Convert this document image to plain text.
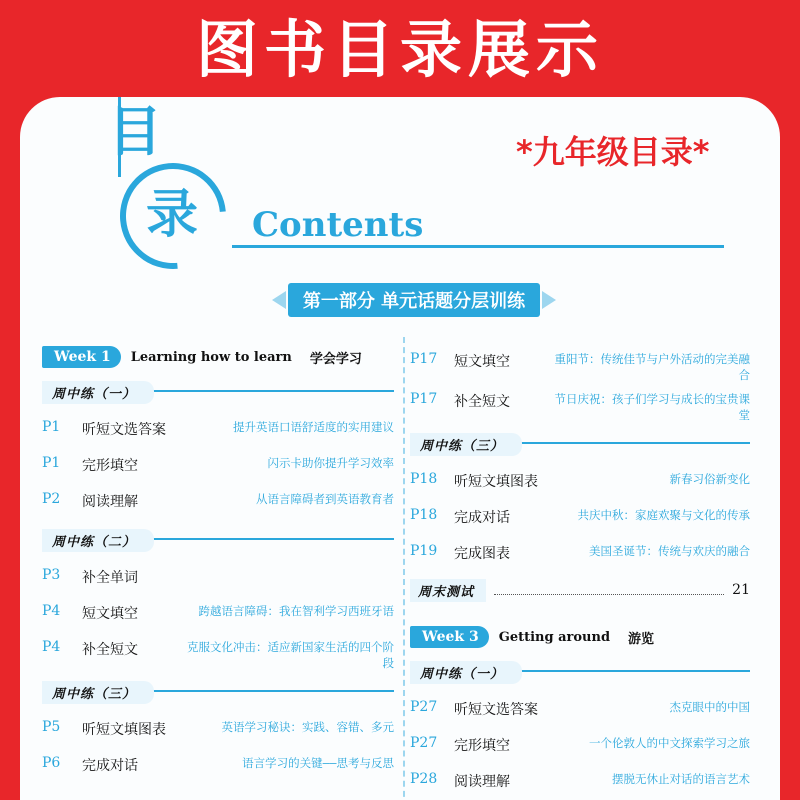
图书目录展示
目
录 Contents
*九年级目录*
第一部分 单元话题分层训练
Week 1	Learning how to learn 学会学习
周中练（一）
P1	听短文选答案	提升英语口语舒适度的实用建议
P1	完形填空	闪示卡助你提升学习效率
P2	阅读理解	从语言障碍者到英语教育者
周中练（二）
P3	补全单词
P4	短文填空	跨越语言障碍：我在智利学习西班牙语
P4	补全短文	克服文化冲击：适应新国家生活的四个阶段
周中练（三）
P5	听短文填图表	英语学习秘诀：实践、容错、多元
P6	完成对话	语言学习的关键——思考与反思
P17	短文填空	重阳节：传统佳节与户外活动的完美融合
P17	补全短文	节日庆祝：孩子们学习与成长的宝贵课堂
周中练（三）
P18	听短文填图表	新春习俗新变化
P18	完成对话	共庆中秋：家庭欢聚与文化的传承
P19	完成图表	美国圣诞节：传统与欢庆的融合
周末测试	21
Week 3	Getting around 游览
周中练（一）
P27	听短文选答案	杰克眼中的中国
P27	完形填空	一个伦敦人的中文探索学习之旅
P28	阅读理解	摆脱无休止对话的语言艺术
